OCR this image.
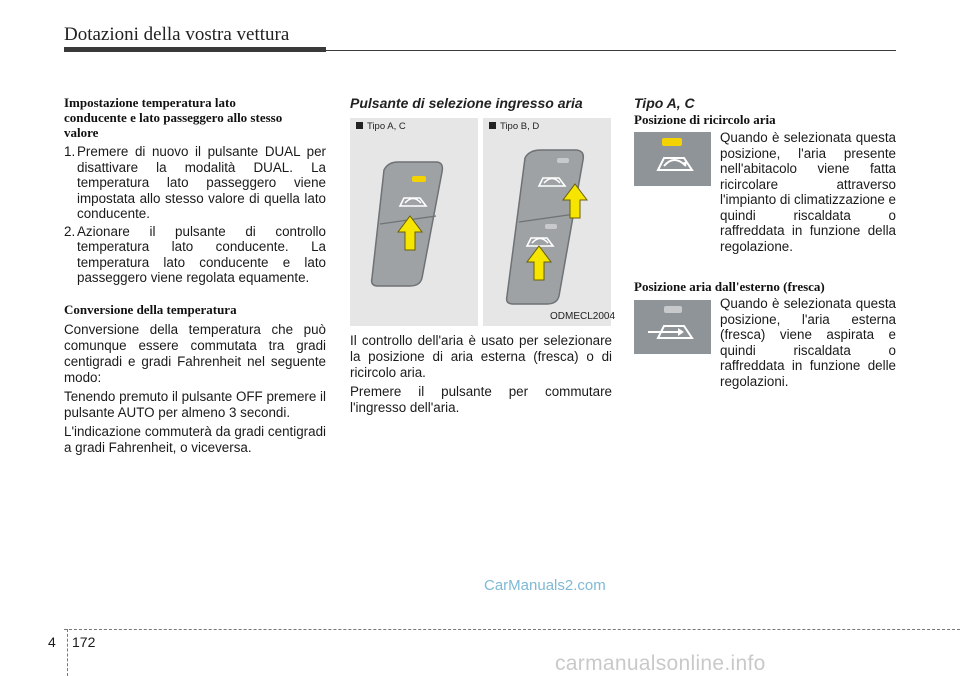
Dotazioni della vostra vettura
Impostazione temperatura lato
conducente e lato passeggero allo stesso
valore
1. Premere di nuovo il pulsante DUAL per disattivare la modalità DUAL. La temperatura lato passeggero viene impostata allo stesso valore di quella lato conducente.
2. Azionare il pulsante di controllo temperatura lato conducente. La temperatura lato conducente e lato passeggero viene regolata equamente.
Conversione della temperatura

Conversione della temperatura che può comunque essere commutata tra gradi centigradi e gradi Fahrenheit nel seguente modo:

Tenendo premuto il pulsante OFF premere il pulsante AUTO per almeno 3 secondi.

L'indicazione commuterà da gradi centigradi a gradi Fahrenheit, o viceversa.

Pulsante di selezione ingresso aria
Tipo A, C	Tipo B, D
ODMECL2004

Il controllo dell'aria è usato per selezionare la posizione di aria esterna (fresca) o di ricircolo aria.

Premere il pulsante per commutare l'ingresso dell'aria.

Tipo A, C
Posizione di ricircolo aria
Quando è selezionata questa posizione, l'aria presente nell'abitacolo viene fatta ricircolare attraverso l'impianto di climatizzazione e quindi riscaldata o raffreddata in funzione della regolazione.
Posizione aria dall'esterno (fresca)
Quando è selezionata questa posizione, l'aria esterna (fresca) viene aspirata e quindi riscaldata o raffreddata in funzione delle regolazioni.
CarManuals2.com
4 172
carmanualsonline.info
